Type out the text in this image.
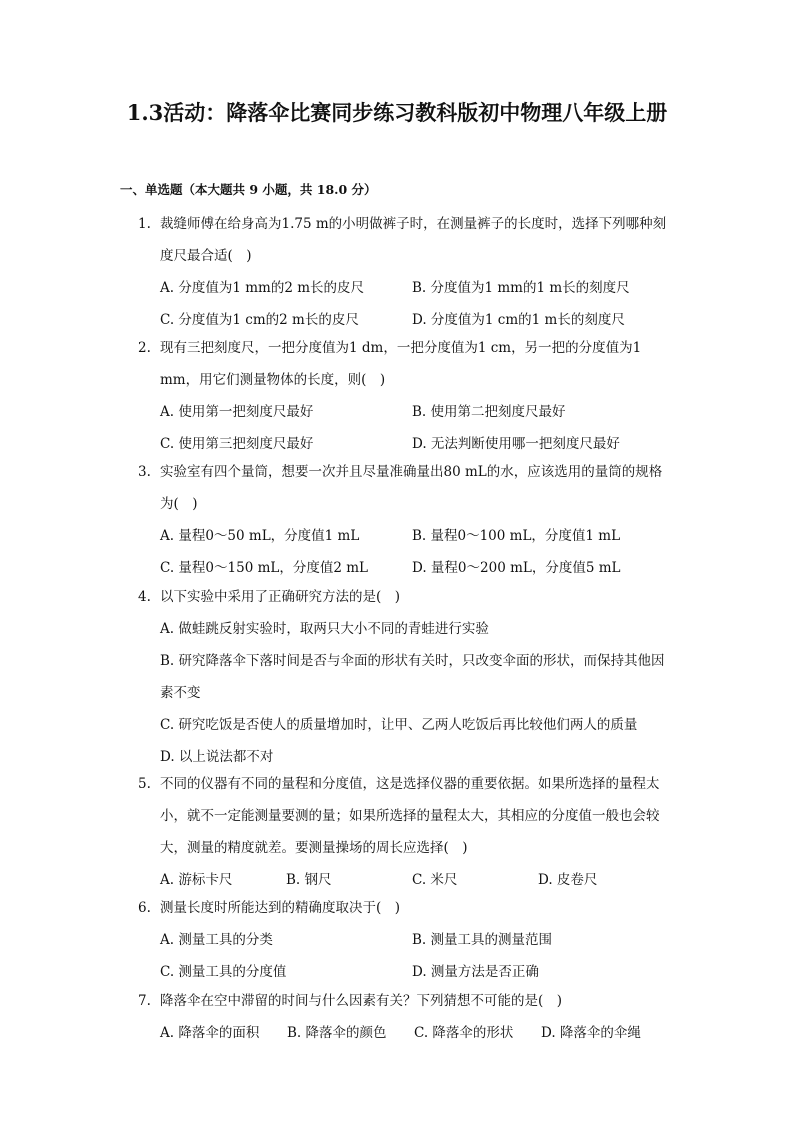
1.3活动：降落伞比赛同步练习教科版初中物理八年级上册
一、单选题（本大题共 9 小题，共 18.0 分）
1. 裁缝师傅在给身高为1.75 m的小明做裤子时，在测量裤子的长度时，选择下列哪种刻度尺最合适(　)
A. 分度值为1 mm的2 m长的皮尺	B. 分度值为1 mm的1 m长的刻度尺
C. 分度值为1 cm的2 m长的皮尺	D. 分度值为1 cm的1 m长的刻度尺
2. 现有三把刻度尺，一把分度值为1 dm，一把分度值为1 cm，另一把的分度值为1 mm，用它们测量物体的长度，则(　)
A. 使用第一把刻度尺最好	B. 使用第二把刻度尺最好
C. 使用第三把刻度尺最好	D. 无法判断使用哪一把刻度尺最好
3. 实验室有四个量筒，想要一次并且尽量准确量出80 mL的水，应该选用的量筒的规格为(　)
A. 量程0～50 mL，分度值1 mL	B. 量程0～100 mL，分度值1 mL
C. 量程0～150 mL，分度值2 mL	D. 量程0～200 mL，分度值5 mL
4. 以下实验中采用了正确研究方法的是(　)
A. 做蛙跳反射实验时，取两只大小不同的青蛙进行实验
B. 研究降落伞下落时间是否与伞面的形状有关时，只改变伞面的形状，而保持其他因素不变
C. 研究吃饭是否使人的质量增加时，让甲、乙两人吃饭后再比较他们两人的质量
D. 以上说法都不对
5. 不同的仪器有不同的量程和分度值，这是选择仪器的重要依据。如果所选择的量程太小，就不一定能测量要测的量；如果所选择的量程太大，其相应的分度值一般也会较大，测量的精度就差。要测量操场的周长应选择(　)
A. 游标卡尺	B. 钢尺	C. 米尺	D. 皮卷尺
6. 测量长度时所能达到的精确度取决于(　)
A. 测量工具的分类	B. 测量工具的测量范围
C. 测量工具的分度值	D. 测量方法是否正确
7. 降落伞在空中滞留的时间与什么因素有关？下列猜想不可能的是(　)
A. 降落伞的面积	B. 降落伞的颜色	C. 降落伞的形状	D. 降落伞的伞绳
